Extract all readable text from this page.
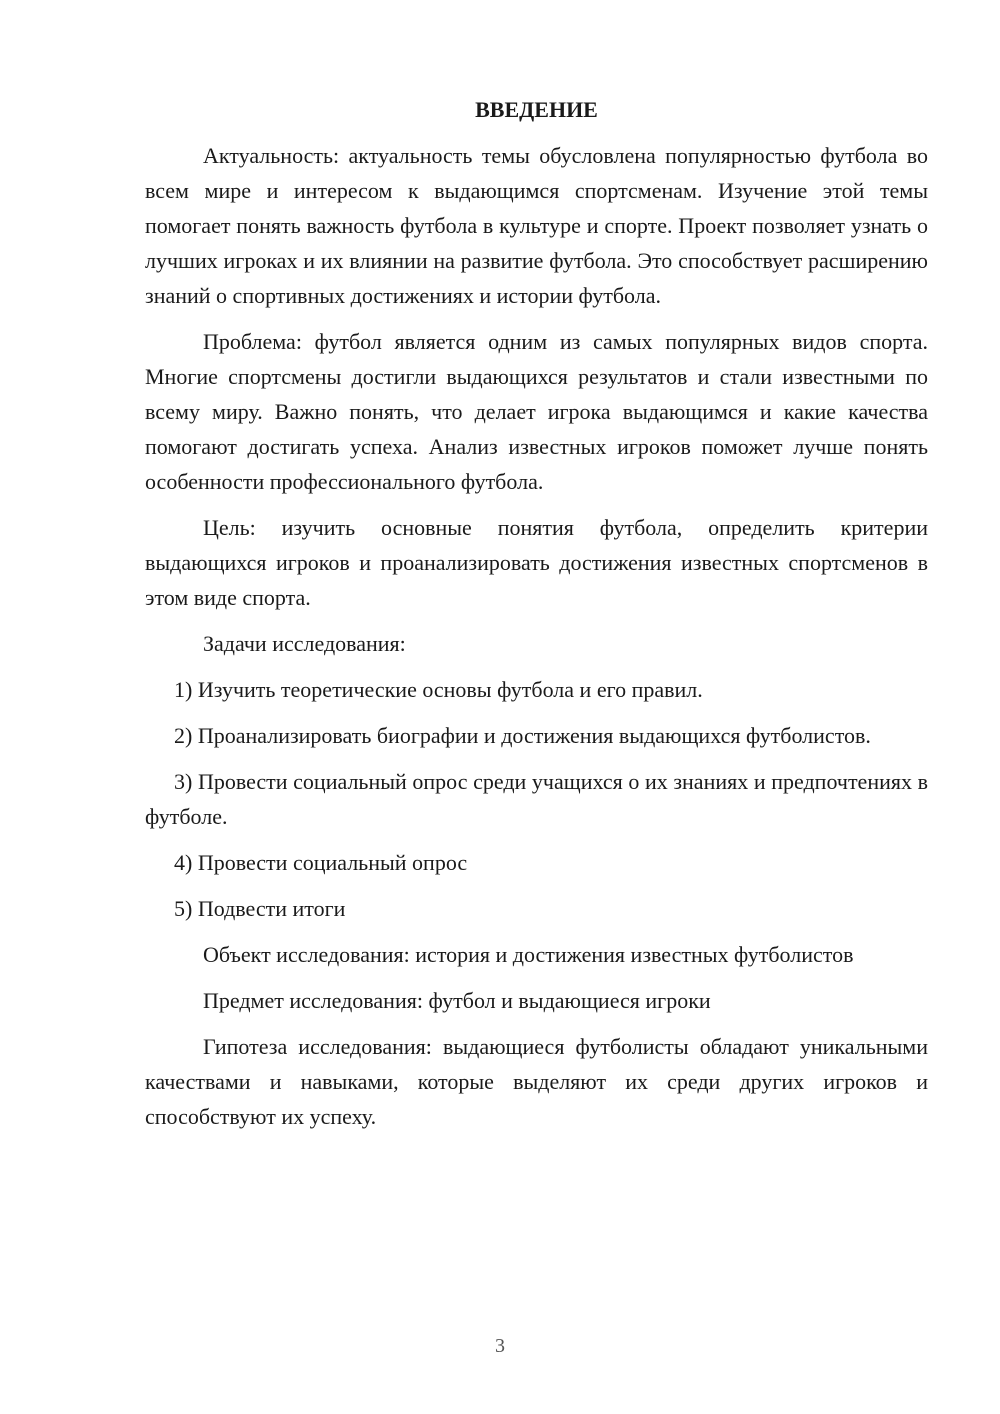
ВВЕДЕНИЕ

Актуальность: актуальность темы обусловлена популярностью футбола во всем мире и интересом к выдающимся спортсменам. Изучение этой темы помогает понять важность футбола в культуре и спорте. Проект позволяет узнать о лучших игроках и их влиянии на развитие футбола. Это способствует расширению знаний о спортивных достижениях и истории футбола.

Проблема: футбол является одним из самых популярных видов спорта. Многие спортсмены достигли выдающихся результатов и стали известными по всему миру. Важно понять, что делает игрока выдающимся и какие качества помогают достигать успеха. Анализ известных игроков поможет лучше понять особенности профессионального футбола.

Цель: изучить основные понятия футбола, определить критерии выдающихся игроков и проанализировать достижения известных спортсменов в этом виде спорта.

Задачи исследования:

1) Изучить теоретические основы футбола и его правил.

2) Проанализировать биографии и достижения выдающихся футболистов.

3) Провести социальный опрос среди учащихся о их знаниях и предпочтениях в футболе.

4) Провести социальный опрос

5) Подвести итоги

Объект исследования: история и достижения известных футболистов

Предмет исследования: футбол и выдающиеся игроки

Гипотеза исследования: выдающиеся футболисты обладают уникальными качествами и навыками, которые выделяют их среди других игроков и способствуют их успеху.

3
